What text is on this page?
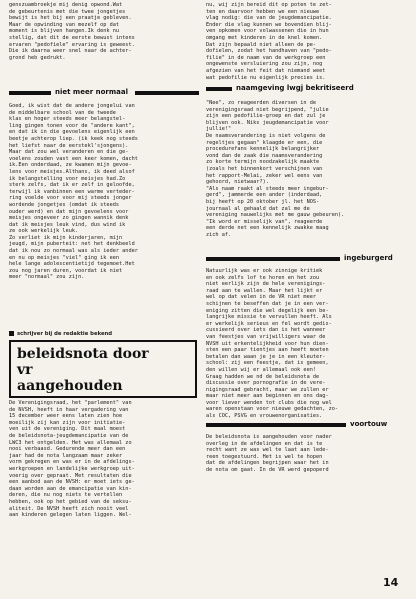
genszuambroekje mij denig opwond.Wat
de gebeurtenis met die twee jongetjes
bewijt is het bij een praatje gebleven.
Maar de opwinding van mezelf op dat
moment is blijven hangen.Ik denk nu
stellig, dat dit de eerste bewust intens
ervaren "pedofiele" ervaring is geweest.
Die ik daarna weer snel naar de achter-
grond heb gedrukt.
niet meer normaal
Goed, ik wist dat de andere jongelui van
de middelbare school van de tweede
klas en hoger steeds meer belangstel-
ling gingen tonen voor de "andere kant",
en dat ik in die gevoelens eigenlijk een
beetje achterop liep. (ik keek nog steeds
het liefst naar de eerstekl'sjongens).
Maar dat zou wel veranderen en die ge-
voelens zouden vast een keer komen, dacht
ik.Een onderdaad, ze kwamen mijn gevoe-
lens voor meisjes.Althans, ik deed alsof
ik belangstelling voor meisjes had.Zo
sterk zelfs, dat ik er zelf in geloofde,
terwijl ik vanbinnen een warme verteder-
ring voelde voor voor mij steeds jonger
wordende jongetjes (omdat ik steeds
ouder werd) en dat mijn gevoelens voor
meisjes ongeveer zo gingen wannik denk
dat ik meisjes leuk vind, dus wind ik
ze ook werkelijk leuk.
Zo verliet ik mijn kinderjaren, mijn
jeugd, mijn puberteit: net het denkbeeld
dat ik nou zo normaal was als ieder ander
en nu op meisjes "viel" ging ik een
hele lange adolescentietijd tegemoet.Het
zou nog jaren duren, voordat ik niet
meer "normaal" zou zijn.
schrijver bij de redaktie bekend
beleidsnota door
vr
aangehouden
nu, wij zijn bereid dit op poten te zet-
ten en daarvoor hebben we een nieuwe
vlag nodig: die van de jeugdemancipatie.
Ender die vlag kunnen we bovendien blij-
ven opkomen voor volwassenen die in hun
omgang met kinderen in de knel komen.
Dat zijn bepaald niet alleen de pe-
dofielen, zodat het handhaven van "pedo-
filie" in de naam van de werkgroep een
ongewenste versluiering zou zijn, nog
afgezien van het feit dat niemand weet
wat pedofilie nu eigenlijk precies is.
naamgeving lwgj bekritiseerd
"Nee", zo reageerden diversen in de
verenigingsraad niet begrijpend, "julie
zijn een pedofilie-groep en dat zul je
blijven ook. Niks jeugdemancipatie voor
jullie!"
De naamsverandering is niet volgens de
regeltjes gegaan" klaagde er een, die
procedurefans kennelijk belangrijker
vond dan de zaak die naamsverandering
zo korte termijn noodzakelijk maakte
(zoals het binnenkort verschijnen van
het rapport-Melai, zeker wel eens van
gehoord, nietwaar?).
"Als naam raakt al steeds meer ingebur-
gerd", jammerde een ander (inderdaad,
bij heeft op 20 oktober jl. het NOS-
journaal al gehaald dat zal me de
vereniging nauwelijks met me gauw gebeuren).
"Ik word er misselijk van", reageerde
een derde net een kennelijk zwakke maag
zich af.
ingeburgerd
Natuurlijk was er ook zinnige kritiek
en ook zelfs lof te horen en het zou
niet eerlijk zijn de hele verenigings-
raad aan te wallen. Maar het lijkt er
wel op dat velen in de VR niet meer
schijnen te beseffen dat je in een ver-
eniging zitten die wel degelijk een be-
langrijke missie te vervullen heeft. Als
er werkelijk serieus en fel wordt gedis-
cussieerd over iets dan is het wanneer
van feestjes van vrijwilligers waar de
NVSH uit erkentelijkheid voor hun dien-
sten een paar tientjes aan heeft moeten
betalen dan waan je je in een kleuter-
school: zij een feestje, dat is gemeen,
den willen wij er allemaal ook een!
Graag hadden we nd de beleidsnota de
discussie over pornografie in de vere-
nigingsraad gebracht, maar we zullen er
maar niet meer aan beginnen en ons dag-
voor liever wenden tot clubs die nog wel
waren openstaan voor nieuwe gedachten, zo-
als COC, PSVG en vrouwenorganisaties.
voortouw
De beleidsnota is aangehouden voor nader
overleg in de afdelingen en dat is te
recht want ze was wel te laat aan lede-
reen toegestuurd. Het is wel te hopen
dat de afdelingen begrijpen waar het in
de nota om gaat. In de VR werd gepoperd
De Verenigingsraad, het "parlement" van
de NVSH, heeft in haar vergadering van
15 december weer eens laten zien hoe
moeilijk zij kan zijn voor initiatie-
ven uit de vereniging. Dit maal moest
de beleidsnota-jeugdemancipatie van de
LWC3 het ontgelden. Het was allemaal zo
nooi verbaasd. Gedurende meer dan een
jaar had de nota langzaam maar zeker
vorm gekregen en was er in de afdelings-
werkgroepen en landelijke werkgroep uit-
voerig over gepraat. Met resultaten die
een aanbod aan de NVSH: er moet iets ge-
daan worden aan de emancipatie van kin-
deren, die nu nog niets te vertellen
hebben, ook op het gebied van de seksu-
aliteit. De NVSH heeft zich nooit veel
aan kinderen gelegen laten liggen. Wel-
14
